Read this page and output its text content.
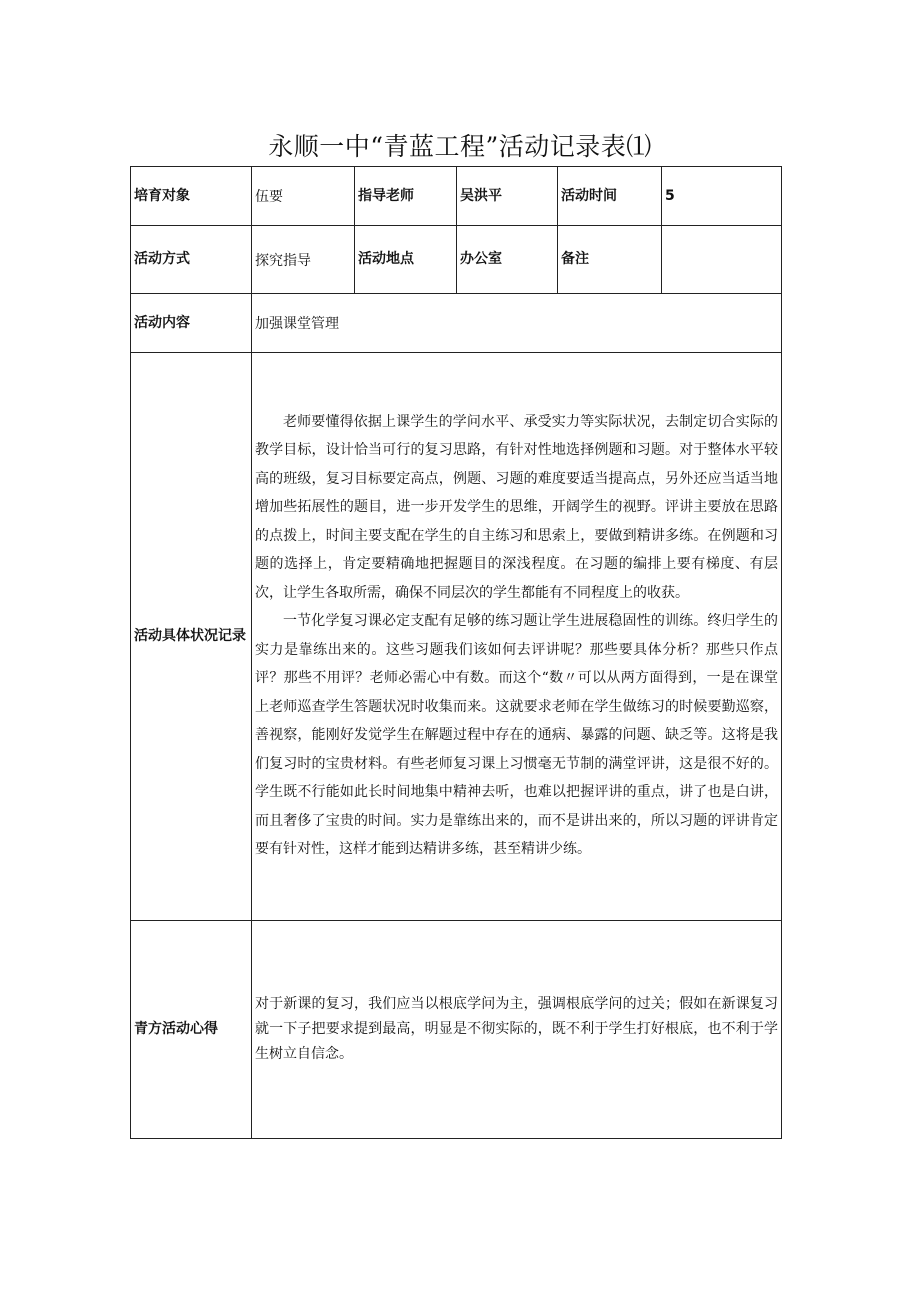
永顺一中“青蓝工程”活动记录表⑴
培育对象	伍要	指导老师	吴洪平	活动时间	5
活动方式	探究指导	活动地点	办公室	备注	
活动内容	加强课堂管理				
活动具体状况记录	老师要懂得依据上课学生的学问水平、承受实力等实际状况，去制定切合实际的教学目标，设计恰当可行的复习思路，有针对性地选择例题和习题。对于整体水平较高的班级，复习目标要定高点，例题、习题的难度要适当提高点，另外还应当适当地增加些拓展性的题目，进一步开发学生的思维，开阔学生的视野。评讲主要放在思路的点拨上，时间主要支配在学生的自主练习和思索上，要做到精讲多练。在例题和习题的选择上，肯定要精确地把握题目的深浅程度。在习题的编排上要有梯度、有层次，让学生各取所需，确保不同层次的学生都能有不同程度上的收获。

一节化学复习课必定支配有足够的练习题让学生进展稳固性的训练。终归学生的实力是靠练出来的。这些习题我们该如何去评讲呢？那些要具体分析？那些只作点评？那些不用评？老师必需心中有数。而这个“数〃可以从两方面得到，一是在课堂上老师巡查学生答题状况时收集而来。这就要求老师在学生做练习的时候要勤巡察，善视察，能刚好发觉学生在解题过程中存在的通病、暴露的问题、缺乏等。这将是我们复习时的宝贵材料。有些老师复习课上习惯毫无节制的满堂评讲，这是很不好的。学生既不行能如此长时间地集中精神去听，也难以把握评讲的重点，讲了也是白讲，而且奢侈了宝贵的时间。实力是靠练出来的，而不是讲出来的，所以习题的评讲肯定要有针对性，这样才能到达精讲多练，甚至精讲少练。				

青方活动心得	对于新课的复习，我们应当以根底学问为主，强调根底学问的过关；假如在新课复习就一下子把要求提到最高，明显是不彻实际的，既不利于学生打好根底，也不利于学生树立自信念。				
